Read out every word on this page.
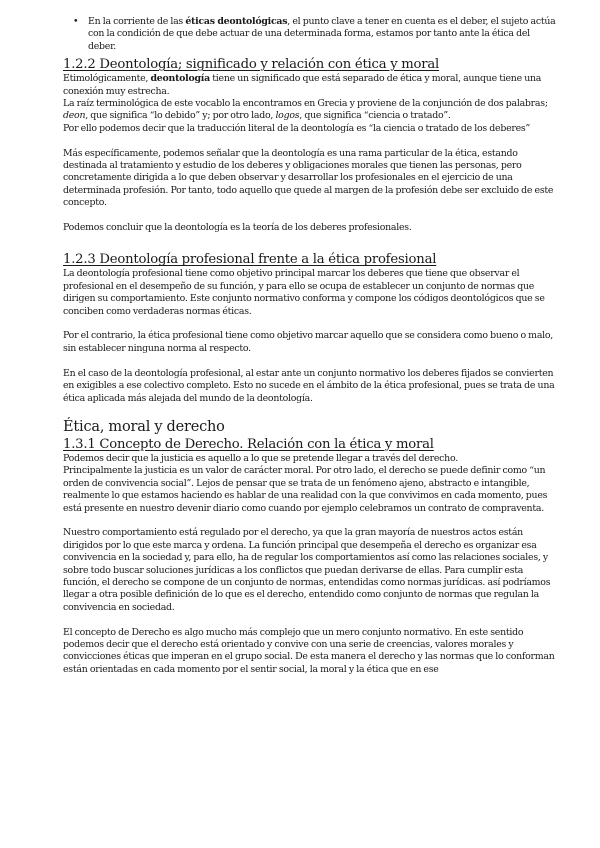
• En la corriente de las éticas deontológicas, el punto clave a tener en cuenta es el deber, el sujeto actúa con la condición de que debe actuar de una determinada forma, estamos por tanto ante la ética del deber.

1.2.2 Deontología; significado y relación con ética y moral

Etimológicamente, deontología tiene un significado que está separado de ética y moral, aunque tiene una conexión muy estrecha.

La raíz terminológica de este vocablo la encontramos en Grecia y proviene de la conjunción de dos palabras; deon, que significa “lo debido” y; por otro lado, logos, que significa “ciencia o tratado”.

Por ello podemos decir que la traducción literal de la deontología es “la ciencia o tratado de los deberes”

Más específicamente, podemos señalar que la deontología es una rama particular de la ética, estando destinada al tratamiento y estudio de los deberes y obligaciones morales que tienen las personas, pero concretamente dirigida a lo que deben observar y desarrollar los profesionales en el ejercicio de una determinada profesión. Por tanto, todo aquello que quede al margen de la profesión debe ser excluido de este concepto.

Podemos concluir que la deontología es la teoría de los deberes profesionales.

1.2.3 Deontología profesional frente a la ética profesional

La deontología profesional tiene como objetivo principal marcar los deberes que tiene que observar el profesional en el desempeño de su función, y para ello se ocupa de establecer un conjunto de normas que dirigen su comportamiento. Este conjunto normativo conforma y compone los códigos deontológicos que se conciben como verdaderas normas éticas.

Por el contrario, la ética profesional tiene como objetivo marcar aquello que se considera como bueno o malo, sin establecer ninguna norma al respecto.

En el caso de la deontología profesional, al estar ante un conjunto normativo los deberes fijados se convierten en exigibles a ese colectivo completo. Esto no sucede en el ámbito de la ética profesional, pues se trata de una ética aplicada más alejada del mundo de la deontología.

Ética, moral y derecho
1.3.1 Concepto de Derecho. Relación con la ética y moral

Podemos decir que la justicia es aquello a lo que se pretende llegar a través del derecho.

Principalmente la justicia es un valor de carácter moral. Por otro lado, el derecho se puede definir como “un orden de convivencia social”. Lejos de pensar que se trata de un fenómeno ajeno, abstracto e intangible, realmente lo que estamos haciendo es hablar de una realidad con la que convivimos en cada momento, pues está presente en nuestro devenir diario como cuando por ejemplo celebramos un contrato de compraventa.

Nuestro comportamiento está regulado por el derecho, ya que la gran mayoría de nuestros actos están dirigidos por lo que este marca y ordena. La función principal que desempeña el derecho es organizar esa convivencia en la sociedad y, para ello, ha de regular los comportamientos así como las relaciones sociales, y sobre todo buscar soluciones jurídicas a los conflictos que puedan derivarse de ellas. Para cumplir esta función, el derecho se compone de un conjunto de normas, entendidas como normas jurídicas. así podríamos llegar a otra posible definición de lo que es el derecho, entendido como conjunto de normas que regulan la convivencia en sociedad.

El concepto de Derecho es algo mucho más complejo que un mero conjunto normativo. En este sentido podemos decir que el derecho está orientado y convive con una serie de creencias, valores morales y convicciones éticas que imperan en el grupo social. De esta manera el derecho y las normas que lo conforman están orientadas en cada momento por el sentir social, la moral y la ética que en ese
